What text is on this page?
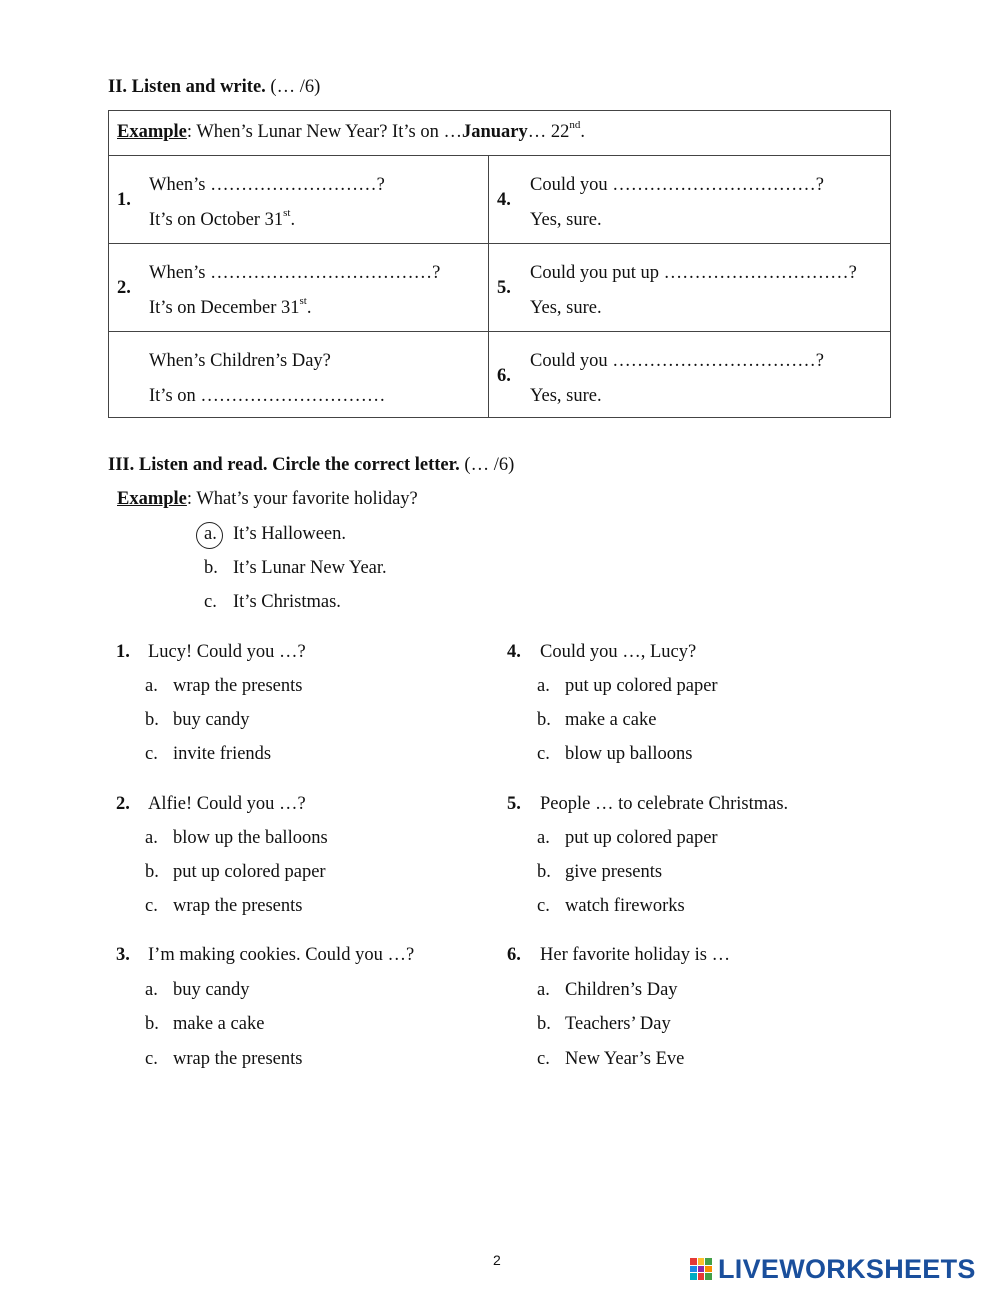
II. Listen and write. (… /6)
Example: When’s Lunar New Year? It’s on …January… 22nd.
1.
When’s ………………………?
It’s on October 31st.
2.
When’s ………………………………?
It’s on December 31st.
When’s Children’s Day?
It’s on …………………………
4.
Could you ……………………………?
Yes, sure.
5.
Could you put up …………………………?
Yes, sure.
6.
Could you ……………………………?
Yes, sure.
III. Listen and read. Circle the correct letter. (… /6)
Example: What’s your favorite holiday?
a. It’s Halloween.
b. It’s Lunar New Year.
c. It’s Christmas.
1. Lucy! Could you …?
a. wrap the presents
b. buy candy
c. invite friends
2. Alfie! Could you …?
a. blow up the balloons
b. put up colored paper
c. wrap the presents
3. I’m making cookies. Could you …?
a. buy candy
b. make a cake
c. wrap the presents
4. Could you …, Lucy?
a. put up colored paper
b. make a cake
c. blow up balloons
5. People … to celebrate Christmas.
a. put up colored paper
b. give presents
c. watch fireworks
6. Her favorite holiday is …
a. Children’s Day
b. Teachers’ Day
c. New Year’s Eve
2	LIVEWORKSHEETS
